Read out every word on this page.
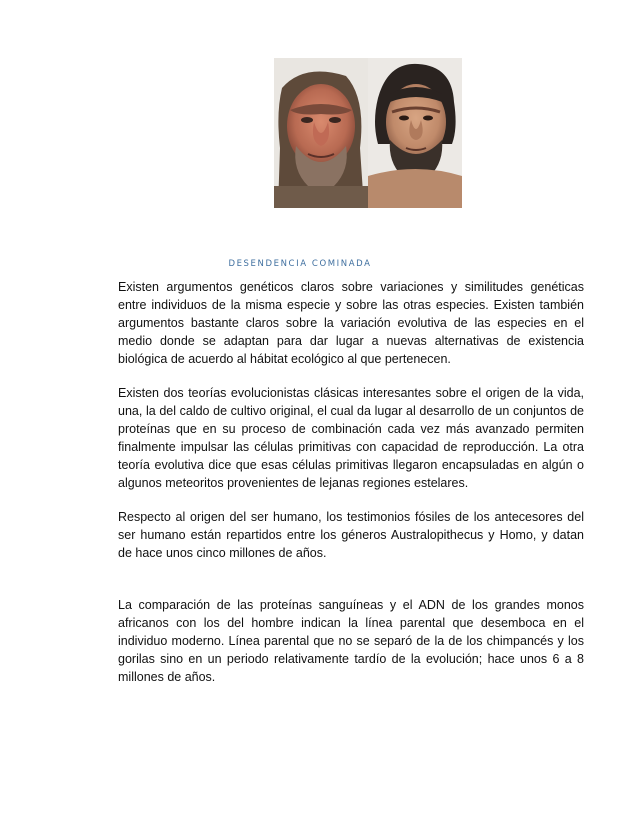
DESENDENCIA COMINADA

Existen argumentos genéticos claros sobre variaciones y similitudes genéticas entre individuos de la misma especie y sobre las otras especies. Existen también argumentos bastante claros sobre la variación evolutiva de las especies en el medio donde se adaptan para dar lugar a nuevas alternativas de existencia biológica de acuerdo al hábitat ecológico al que pertenecen.

Existen dos teorías evolucionistas clásicas interesantes sobre el origen de la vida, una, la del caldo de cultivo original, el cual da lugar al desarrollo de un conjuntos de proteínas que en su proceso de combinación cada vez más avanzado permiten finalmente impulsar las células primitivas con capacidad de reproducción. La otra teoría evolutiva dice que esas células primitivas llegaron encapsuladas en algún o algunos meteoritos provenientes de lejanas regiones estelares.

Respecto al origen del ser humano, los testimonios fósiles de los antecesores del ser humano están repartidos entre los géneros Australopithecus y Homo, y datan de hace unos cinco millones de años.

La comparación de las proteínas sanguíneas y el ADN de los grandes monos africanos con los del hombre indican la línea parental que desemboca en el individuo moderno. Línea parental que no se separó de la de los chimpancés y los gorilas sino en un periodo relativamente tardío de la evolución; hace unos 6 a 8 millones de años.
